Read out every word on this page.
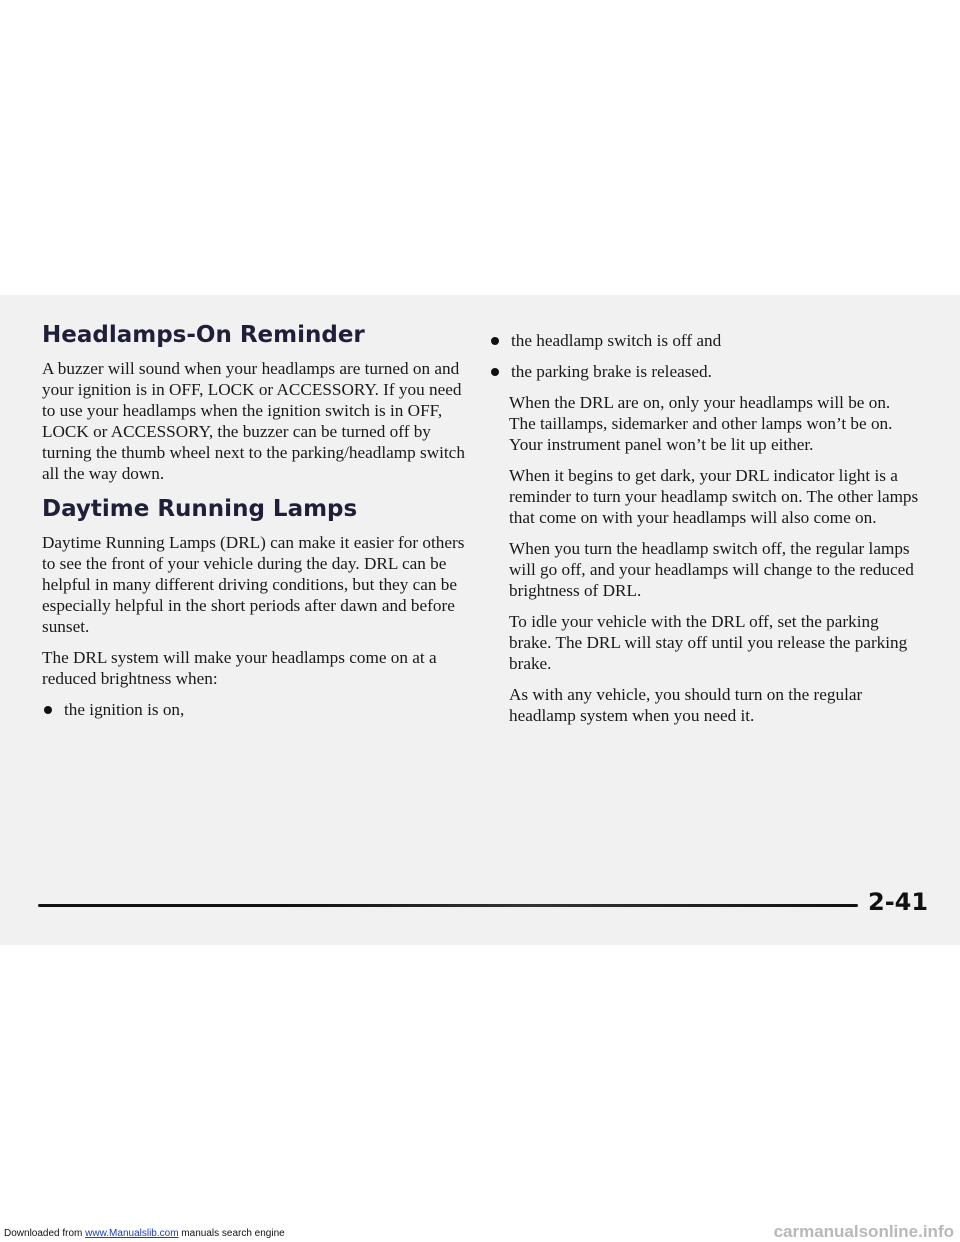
Headlamps-On Reminder

A buzzer will sound when your headlamps are turned on and your ignition is in OFF, LOCK or ACCESSORY. If you need to use your headlamps when the ignition switch is in OFF, LOCK or ACCESSORY, the buzzer can be turned off by turning the thumb wheel next to the parking/headlamp switch all the way down.

Daytime Running Lamps

Daytime Running Lamps (DRL) can make it easier for others to see the front of your vehicle during the day. DRL can be helpful in many different driving conditions, but they can be especially helpful in the short periods after dawn and before sunset.

The DRL system will make your headlamps come on at a reduced brightness when:

the ignition is on,
the headlamp switch is off and
the parking brake is released.

When the DRL are on, only your headlamps will be on. The taillamps, sidemarker and other lamps won’t be on. Your instrument panel won’t be lit up either.

When it begins to get dark, your DRL indicator light is a reminder to turn your headlamp switch on. The other lamps that come on with your headlamps will also come on.

When you turn the headlamp switch off, the regular lamps will go off, and your headlamps will change to the reduced brightness of DRL.

To idle your vehicle with the DRL off, set the parking brake. The DRL will stay off until you release the parking brake.

As with any vehicle, you should turn on the regular headlamp system when you need it.

2-41
Downloaded from www.Manualslib.com manuals search engine	carmanualsonline.info
